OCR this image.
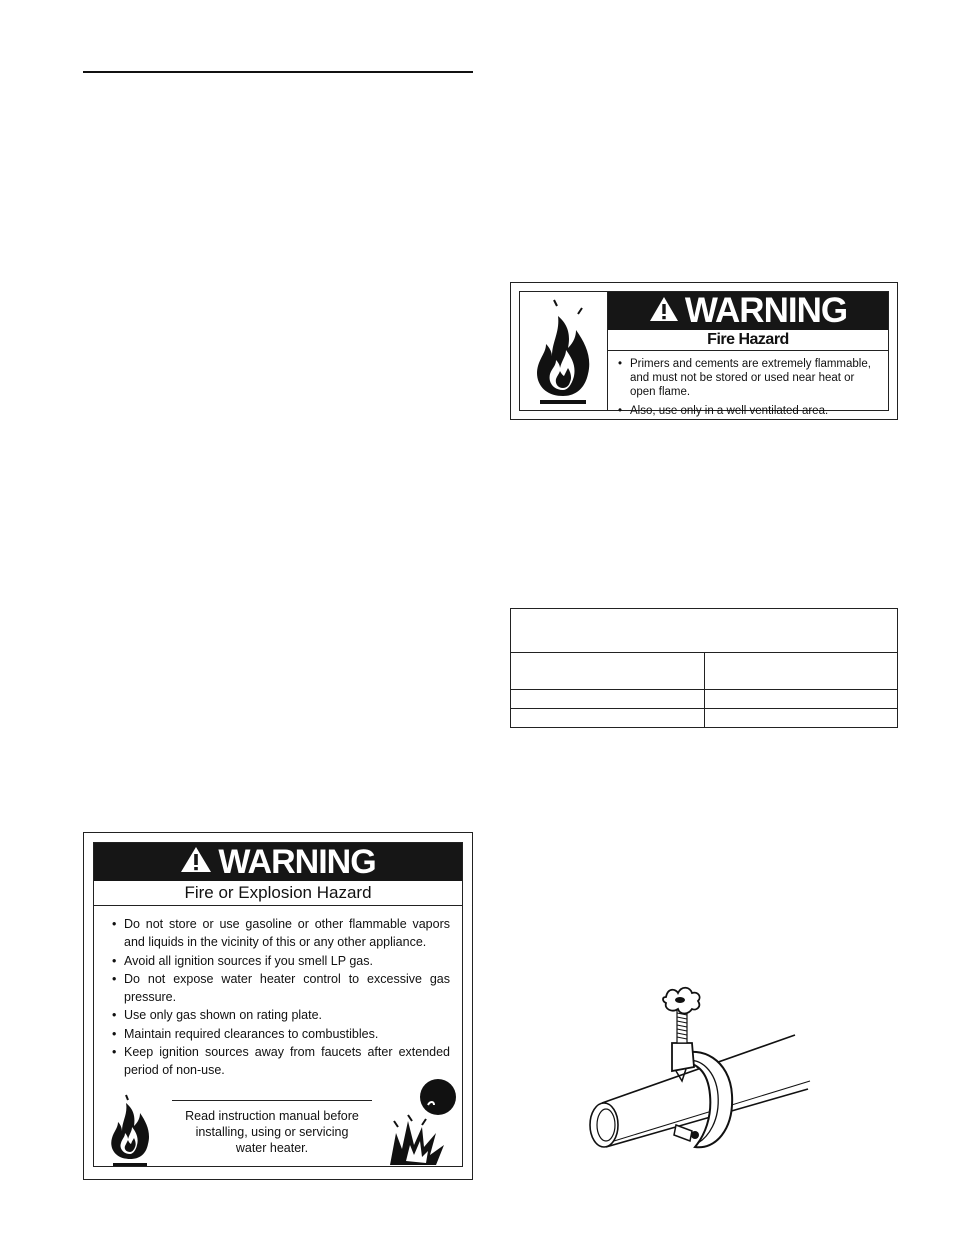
WARNING
Fire Hazard
• Primers and cements are extremely flammable, and must not be stored or used near heat or open flame.
• Also, use only in a well ventilated area.

WARNING
Fire or Explosion Hazard
• Do not store or use gasoline or other flammable vapors and liquids in the vicinity of this or any other appliance.
• Avoid all ignition sources if you smell LP gas.
• Do not expose water heater control to excessive gas pressure.
• Use only gas shown on rating plate.
• Maintain required clearances to combustibles.
• Keep ignition sources away from faucets after extended period of non-use.
Read instruction manual before
installing, using or servicing
water heater.
